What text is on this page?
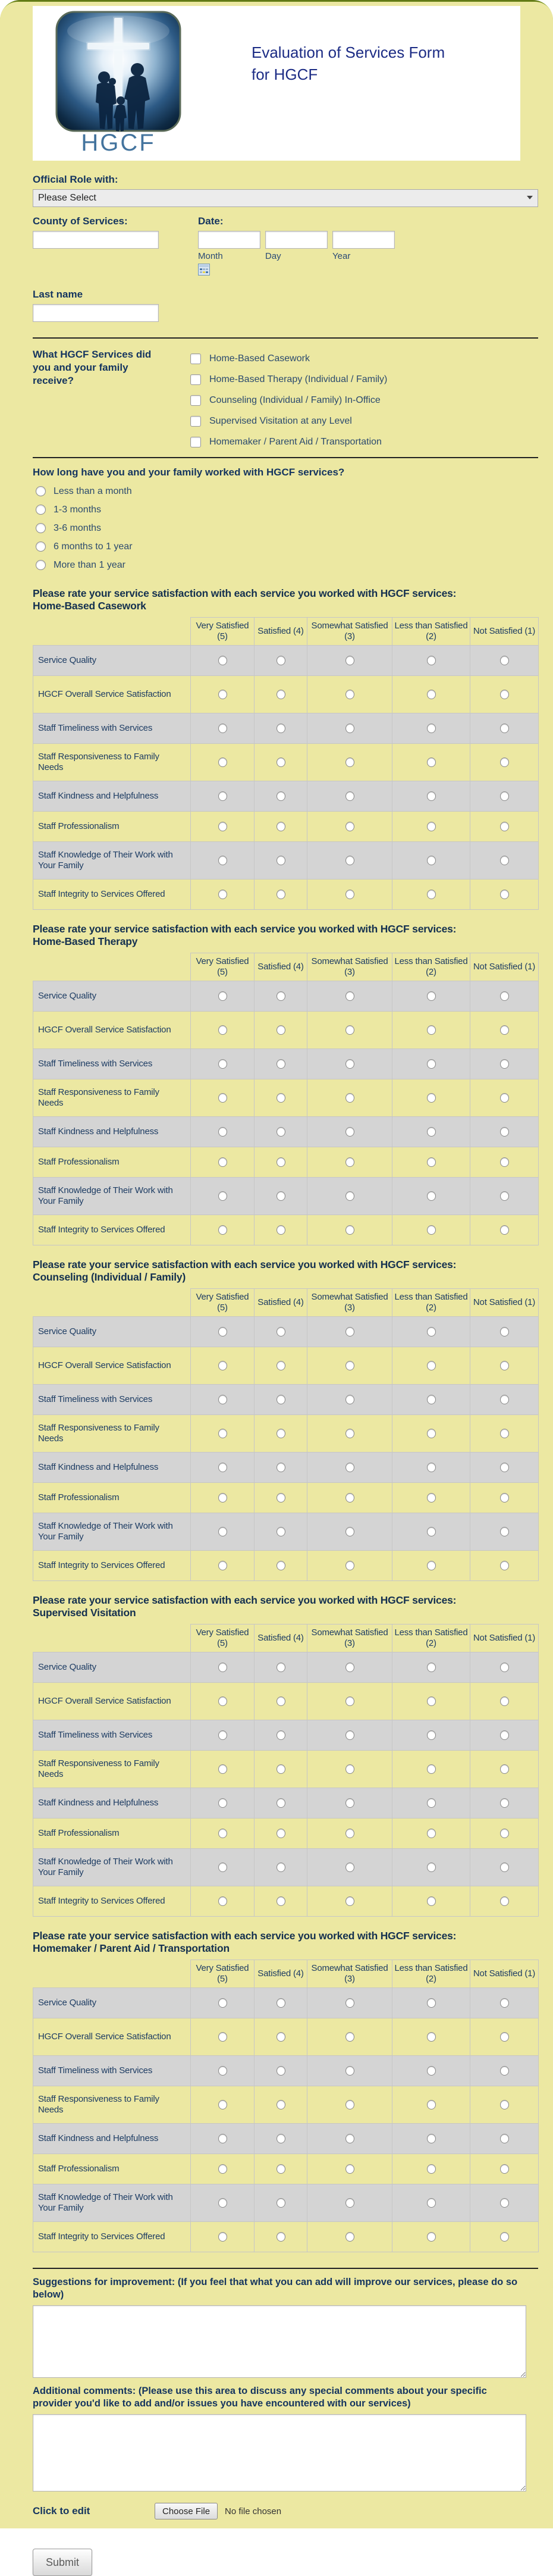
HGCF
Evaluation of Services Form
for HGCF
Official Role with:
Please Select
County of Services:	Date:
Month	Day	Year
Last name
What HGCF Services did you and your family receive?
Home-Based Casework
Home-Based Therapy (Individual / Family)
Counseling (Individual / Family) In-Office
Supervised Visitation at any Level
Homemaker / Parent Aid / Transportation
How long have you and your family worked with HGCF services?
Less than a month
1-3 months
3-6 months
6 months to 1 year
More than 1 year
Please rate your service satisfaction with each service you worked with HGCF services:
Home-Based Casework
	Very Satisfied (5)	Satisfied (4)	Somewhat Satisfied (3)	Less than Satisfied (2)	Not Satisfied (1)
Service Quality					
HGCF Overall Service Satisfaction					
Staff Timeliness with Services					
Staff Responsiveness to Family Needs					
Staff Kindness and Helpfulness					
Staff Professionalism					
Staff Knowledge of Their Work with Your Family					
Staff Integrity to Services Offered					
Please rate your service satisfaction with each service you worked with HGCF services:
Home-Based Therapy
	Very Satisfied (5)	Satisfied (4)	Somewhat Satisfied (3)	Less than Satisfied (2)	Not Satisfied (1)
Service Quality					
HGCF Overall Service Satisfaction					
Staff Timeliness with Services					
Staff Responsiveness to Family Needs					
Staff Kindness and Helpfulness					
Staff Professionalism					
Staff Knowledge of Their Work with Your Family					
Staff Integrity to Services Offered					
Please rate your service satisfaction with each service you worked with HGCF services:
Counseling (Individual / Family)
	Very Satisfied (5)	Satisfied (4)	Somewhat Satisfied (3)	Less than Satisfied (2)	Not Satisfied (1)
Service Quality					
HGCF Overall Service Satisfaction					
Staff Timeliness with Services					
Staff Responsiveness to Family Needs					
Staff Kindness and Helpfulness					
Staff Professionalism					
Staff Knowledge of Their Work with Your Family					
Staff Integrity to Services Offered					
Please rate your service satisfaction with each service you worked with HGCF services:
Supervised Visitation
	Very Satisfied (5)	Satisfied (4)	Somewhat Satisfied (3)	Less than Satisfied (2)	Not Satisfied (1)
Service Quality					
HGCF Overall Service Satisfaction					
Staff Timeliness with Services					
Staff Responsiveness to Family Needs					
Staff Kindness and Helpfulness					
Staff Professionalism					
Staff Knowledge of Their Work with Your Family					
Staff Integrity to Services Offered					
Please rate your service satisfaction with each service you worked with HGCF services:
Homemaker / Parent Aid / Transportation
	Very Satisfied (5)	Satisfied (4)	Somewhat Satisfied (3)	Less than Satisfied (2)	Not Satisfied (1)
Service Quality					
HGCF Overall Service Satisfaction					
Staff Timeliness with Services					
Staff Responsiveness to Family Needs					
Staff Kindness and Helpfulness					
Staff Professionalism					
Staff Knowledge of Their Work with Your Family					
Staff Integrity to Services Offered					
Suggestions for improvement: (If you feel that what you can add will improve our services, please do so below)
Additional comments: (Please use this area to discuss any special comments about your specific provider you'd like to add and/or issues you have encountered with our services)
Click to edit	Choose File	No file chosen
Submit
